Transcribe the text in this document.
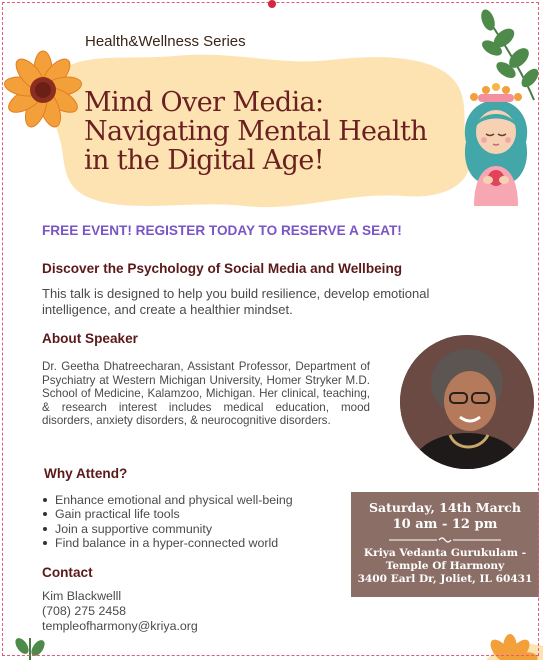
Health&Wellness Series
Mind Over Media:
Navigating Mental Health
in the Digital Age!
FREE EVENT! REGISTER TODAY TO RESERVE A SEAT!
Discover the Psychology of Social Media and Wellbeing
This talk is designed to help you build resilience, develop emotional intelligence, and create a healthier mindset.
About Speaker
Dr. Geetha Dhatreecharan, Assistant Professor, Department of Psychiatry at Western Michigan University, Homer Stryker M.D. School of Medicine, Kalamzoo, Michigan. Her clinical, teaching, & research interest includes medical education, mood disorders, anxiety disorders, & neurocognitive disorders.
Why Attend?
Enhance emotional and physical well-being
Gain practical life tools
Join a supportive community
Find balance in a hyper-connected world
Contact
Kim Blackwelll
(708) 275 2458
templeofharmony@kriya.org
Saturday, 14th March
10 am - 12 pm
Kriya Vedanta Gurukulam -
Temple Of Harmony
3400 Earl Dr, Joliet, IL 60431
